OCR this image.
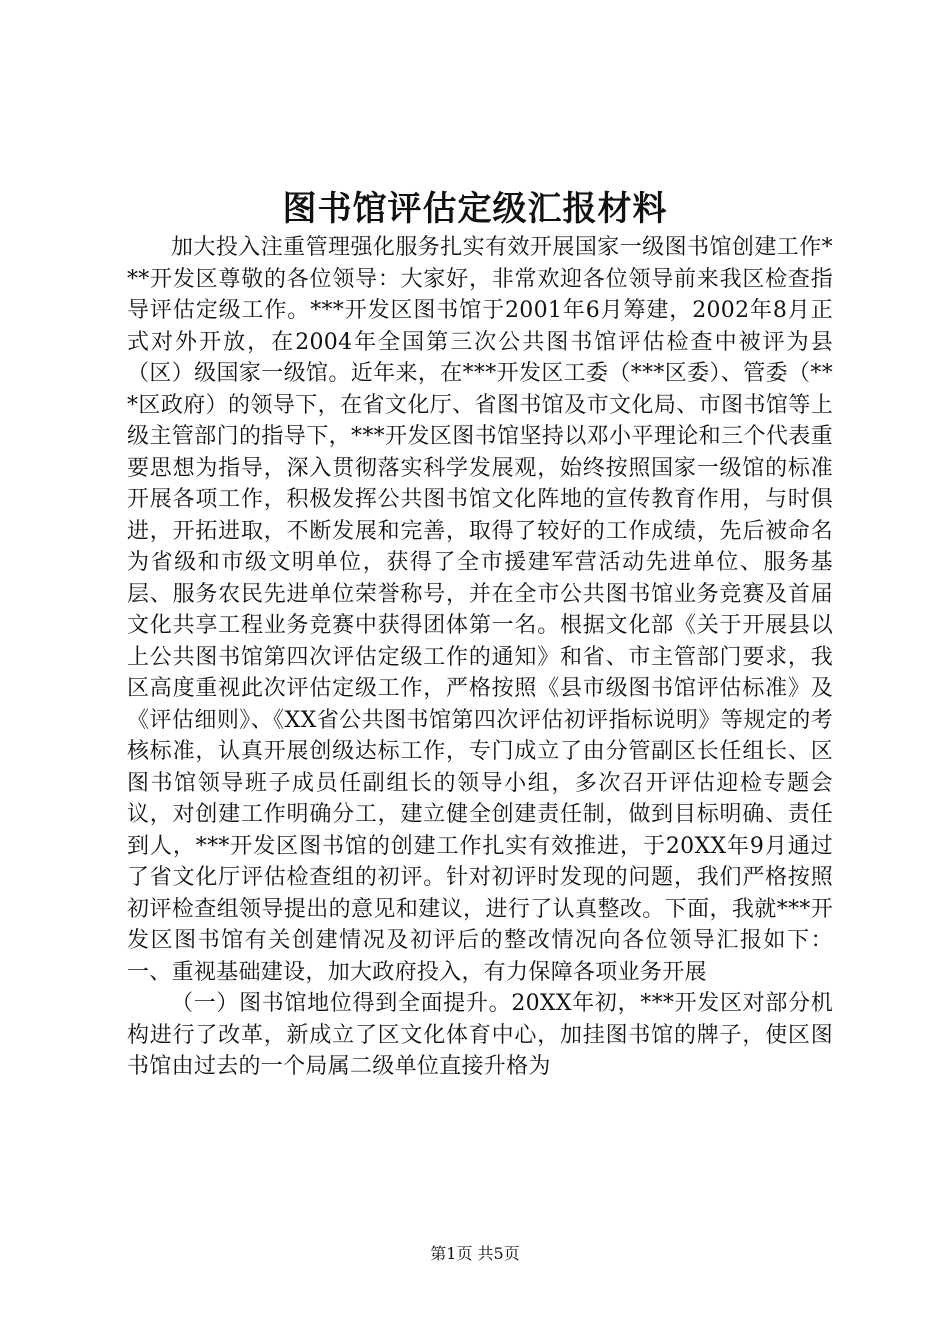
图书馆评估定级汇报材料

加大投入注重管理强化服务扎实有效开展国家一级图书馆创建工作***开发区尊敬的各位领导：大家好，非常欢迎各位领导前来我区检查指导评估定级工作。***开发区图书馆于2001年6月筹建，2002年8月正式对外开放，在2004年全国第三次公共图书馆评估检查中被评为县（区）级国家一级馆。近年来，在***开发区工委（***区委）、管委（***区政府）的领导下，在省文化厅、省图书馆及市文化局、市图书馆等上级主管部门的指导下，***开发区图书馆坚持以邓小平理论和三个代表重要思想为指导，深入贯彻落实科学发展观，始终按照国家一级馆的标准开展各项工作，积极发挥公共图书馆文化阵地的宣传教育作用，与时俱进，开拓进取，不断发展和完善，取得了较好的工作成绩，先后被命名为省级和市级文明单位，获得了全市援建军营活动先进单位、服务基层、服务农民先进单位荣誉称号，并在全市公共图书馆业务竞赛及首届文化共享工程业务竞赛中获得团体第一名。根据文化部《关于开展县以上公共图书馆第四次评估定级工作的通知》和省、市主管部门要求，我区高度重视此次评估定级工作，严格按照《县市级图书馆评估标准》及《评估细则》、《XX省公共图书馆第四次评估初评指标说明》等规定的考核标准，认真开展创级达标工作，专门成立了由分管副区长任组长、区图书馆领导班子成员任副组长的领导小组，多次召开评估迎检专题会议，对创建工作明确分工，建立健全创建责任制，做到目标明确、责任到人，***开发区图书馆的创建工作扎实有效推进，于20XX年9月通过了省文化厅评估检查组的初评。针对初评时发现的问题，我们严格按照初评检查组领导提出的意见和建议，进行了认真整改。下面，我就***开发区图书馆有关创建情况及初评后的整改情况向各位领导汇报如下：一、重视基础建设，加大政府投入，有力保障各项业务开展

（一）图书馆地位得到全面提升。20XX年初，***开发区对部分机构进行了改革，新成立了区文化体育中心，加挂图书馆的牌子，使区图书馆由过去的一个局属二级单位直接升格为

第1页 共5页
